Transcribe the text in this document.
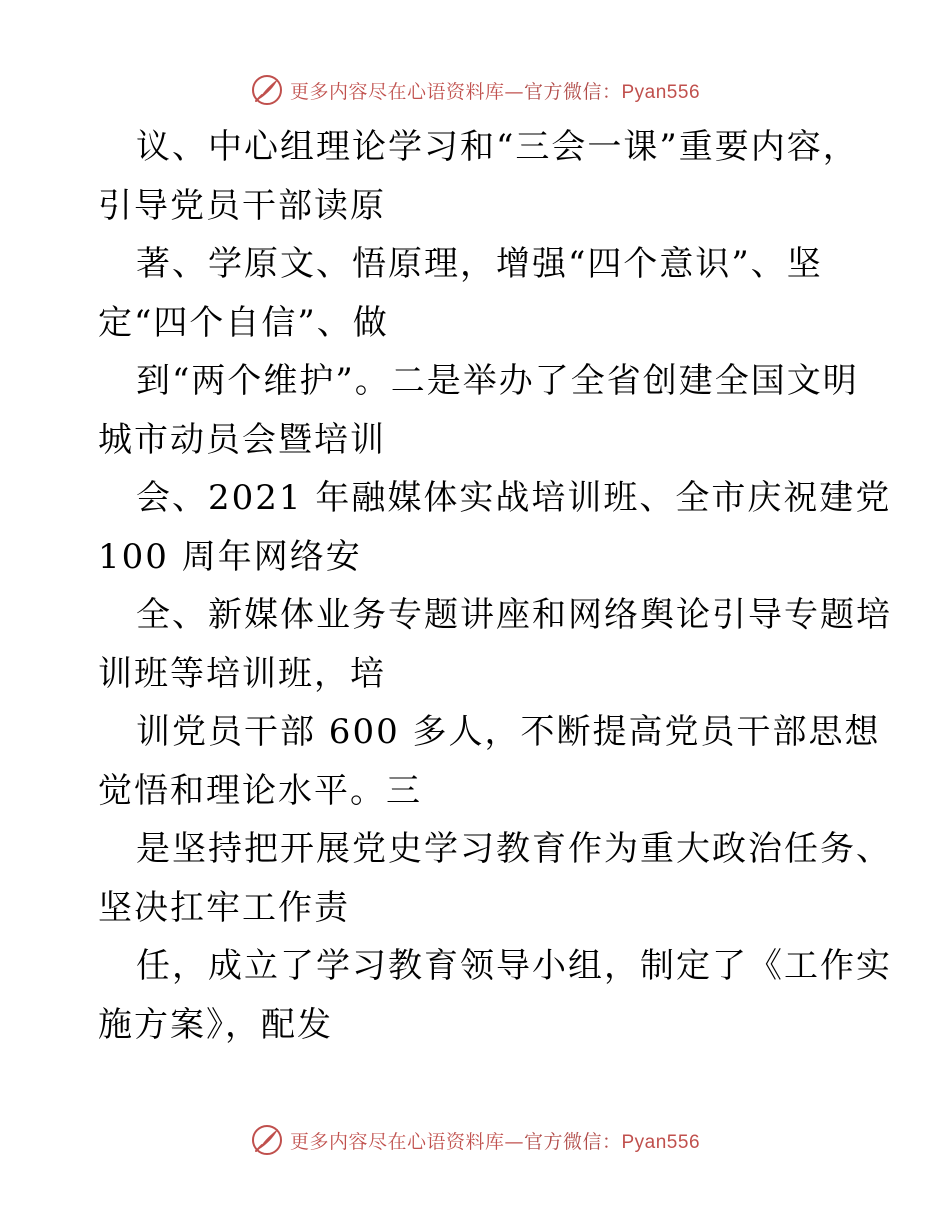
更多内容尽在心语资料库—官方微信：Pyan556
议、中心组理论学习和“三会一课”重要内容，
引导党员干部读原
著、学原文、悟原理，增强“四个意识”、坚
定“四个自信”、做
到“两个维护”。二是举办了全省创建全国文明
城市动员会暨培训
会、2021 年融媒体实战培训班、全市庆祝建党
100 周年网络安
全、新媒体业务专题讲座和网络舆论引导专题培
训班等培训班，培
训党员干部 600 多人，不断提高党员干部思想
觉悟和理论水平。三
是坚持把开展党史学习教育作为重大政治任务、
坚决扛牢工作责
任，成立了学习教育领导小组，制定了《工作实
施方案》，配发
更多内容尽在心语资料库—官方微信：Pyan556
